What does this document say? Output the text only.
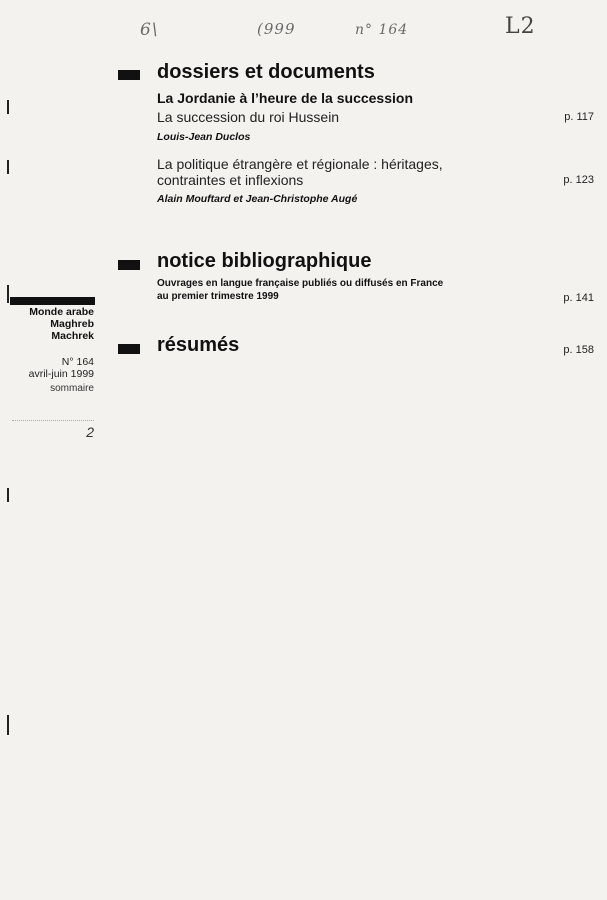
6\	(999	n° 164	L2
dossiers et documents
La Jordanie à l’heure de la succession
La succession du roi Hussein	p. 117
Louis-Jean Duclos
La politique étrangère et régionale : héritages,
contraintes et inflexions	p. 123
Alain Mouftard et Jean-Christophe Augé
notice bibliographique
Ouvrages en langue française publiés ou diffusés en France
au premier trimestre 1999	p. 141
résumés	p. 158
Monde arabe
Maghreb
Machrek
N° 164
avril-juin 1999
sommaire
2
